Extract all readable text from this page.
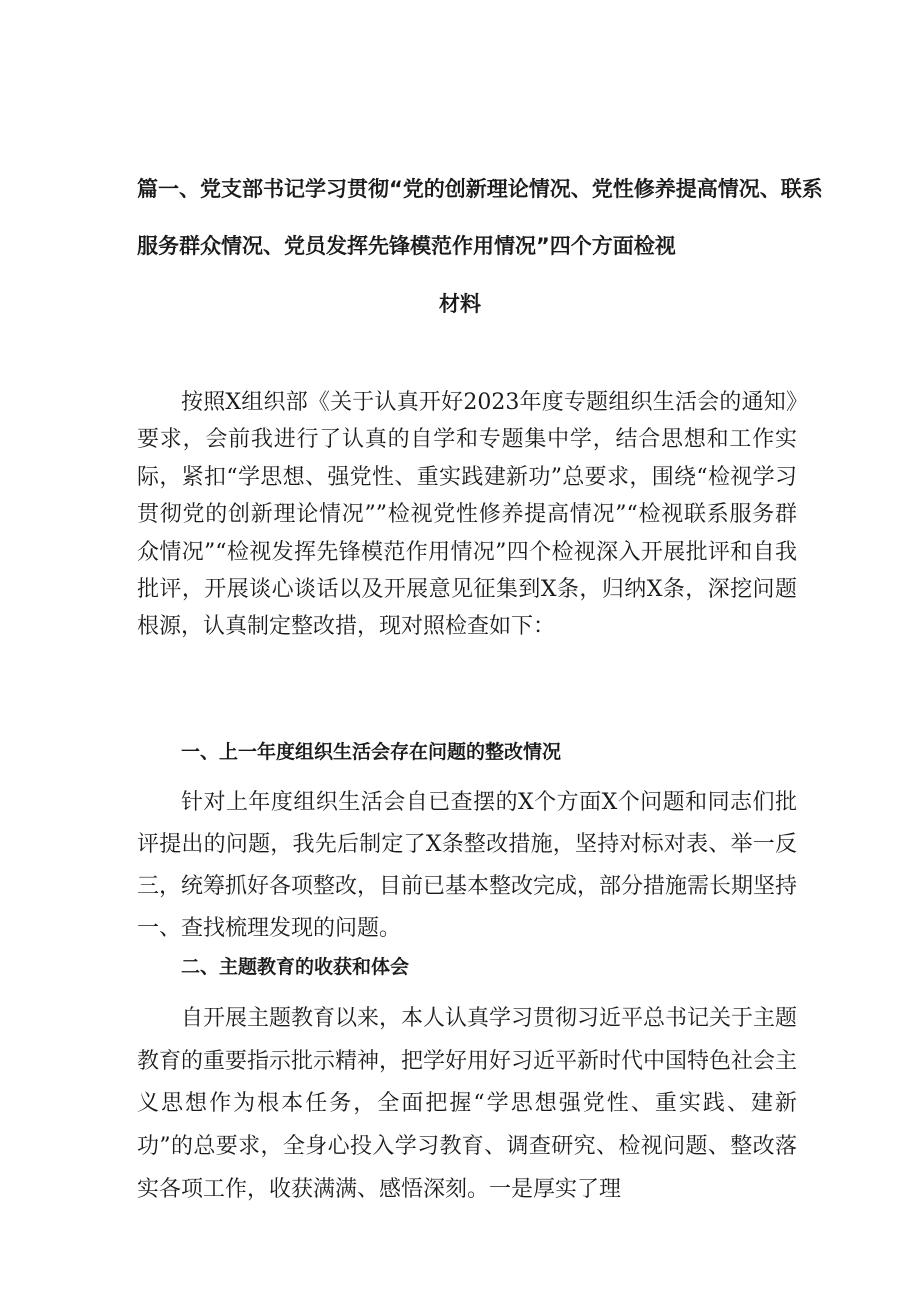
篇一、党支部书记学习贯彻“党的创新理论情况、党性修养提高情况、联系
服务群众情况、党员发挥先锋模范作用情况”四个方面检视
材料

按照X组织部《关于认真开好2023年度专题组织生活会的通知》要求，会前我进行了认真的自学和专题集中学，结合思想和工作实际，紧扣“学思想、强党性、重实践建新功”总要求，围绕“检视学习贯彻党的创新理论情况””检视党性修养提高情况”“检视联系服务群众情况”“检视发挥先锋模范作用情况”四个检视深入开展批评和自我批评，开展谈心谈话以及开展意见征集到X条，归纳X条，深挖问题根源，认真制定整改措，现对照检查如下：

一、上一年度组织生活会存在问题的整改情况

针对上年度组织生活会自已查摆的X个方面X个问题和同志们批评提出的问题，我先后制定了X条整改措施，坚持对标对表、举一反三，统筹抓好各项整改，目前已基本整改完成，部分措施需长期坚持一、查找梳理发现的问题。

二、主题教育的收获和体会

自开展主题教育以来，本人认真学习贯彻习近平总书记关于主题教育的重要指示批示精神，把学好用好习近平新时代中国特色社会主义思想作为根本任务，全面把握“学思想强党性、重实践、建新功”的总要求，全身心投入学习教育、调查研究、检视问题、整改落实各项工作，收获满满、感悟深刻。一是厚实了理
